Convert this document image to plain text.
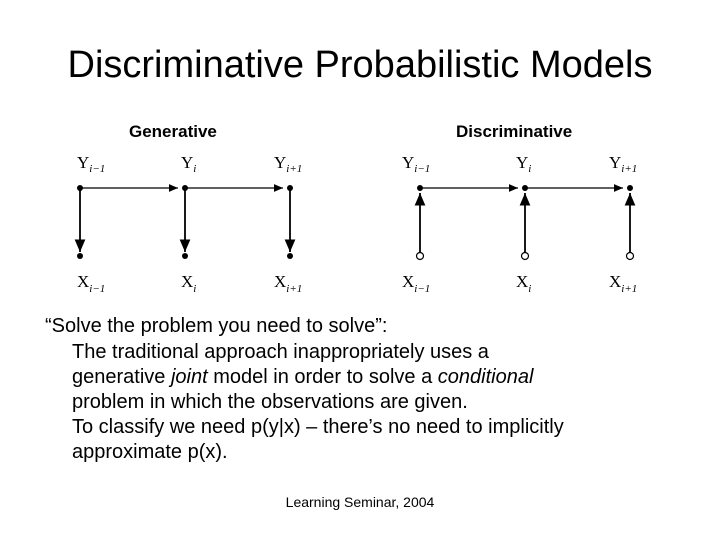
Discriminative Probabilistic Models
Generative	Discriminative
$Y_{i-1}$	$Y_i$	$Y_{i+1}$
$X_{i-1}$	$X_i$	$X_{i+1}$
$Y_{i-1}$	$Y_i$	$Y_{i+1}$
$X_{i-1}$	$X_i$	$X_{i+1}$
“Solve the problem you need to solve”:
The traditional approach inappropriately uses a
generative joint model in order to solve a conditional
problem in which the observations are given.
To classify we need p(y|x) – there’s no need to implicitly
approximate p(x).
Learning Seminar, 2004
